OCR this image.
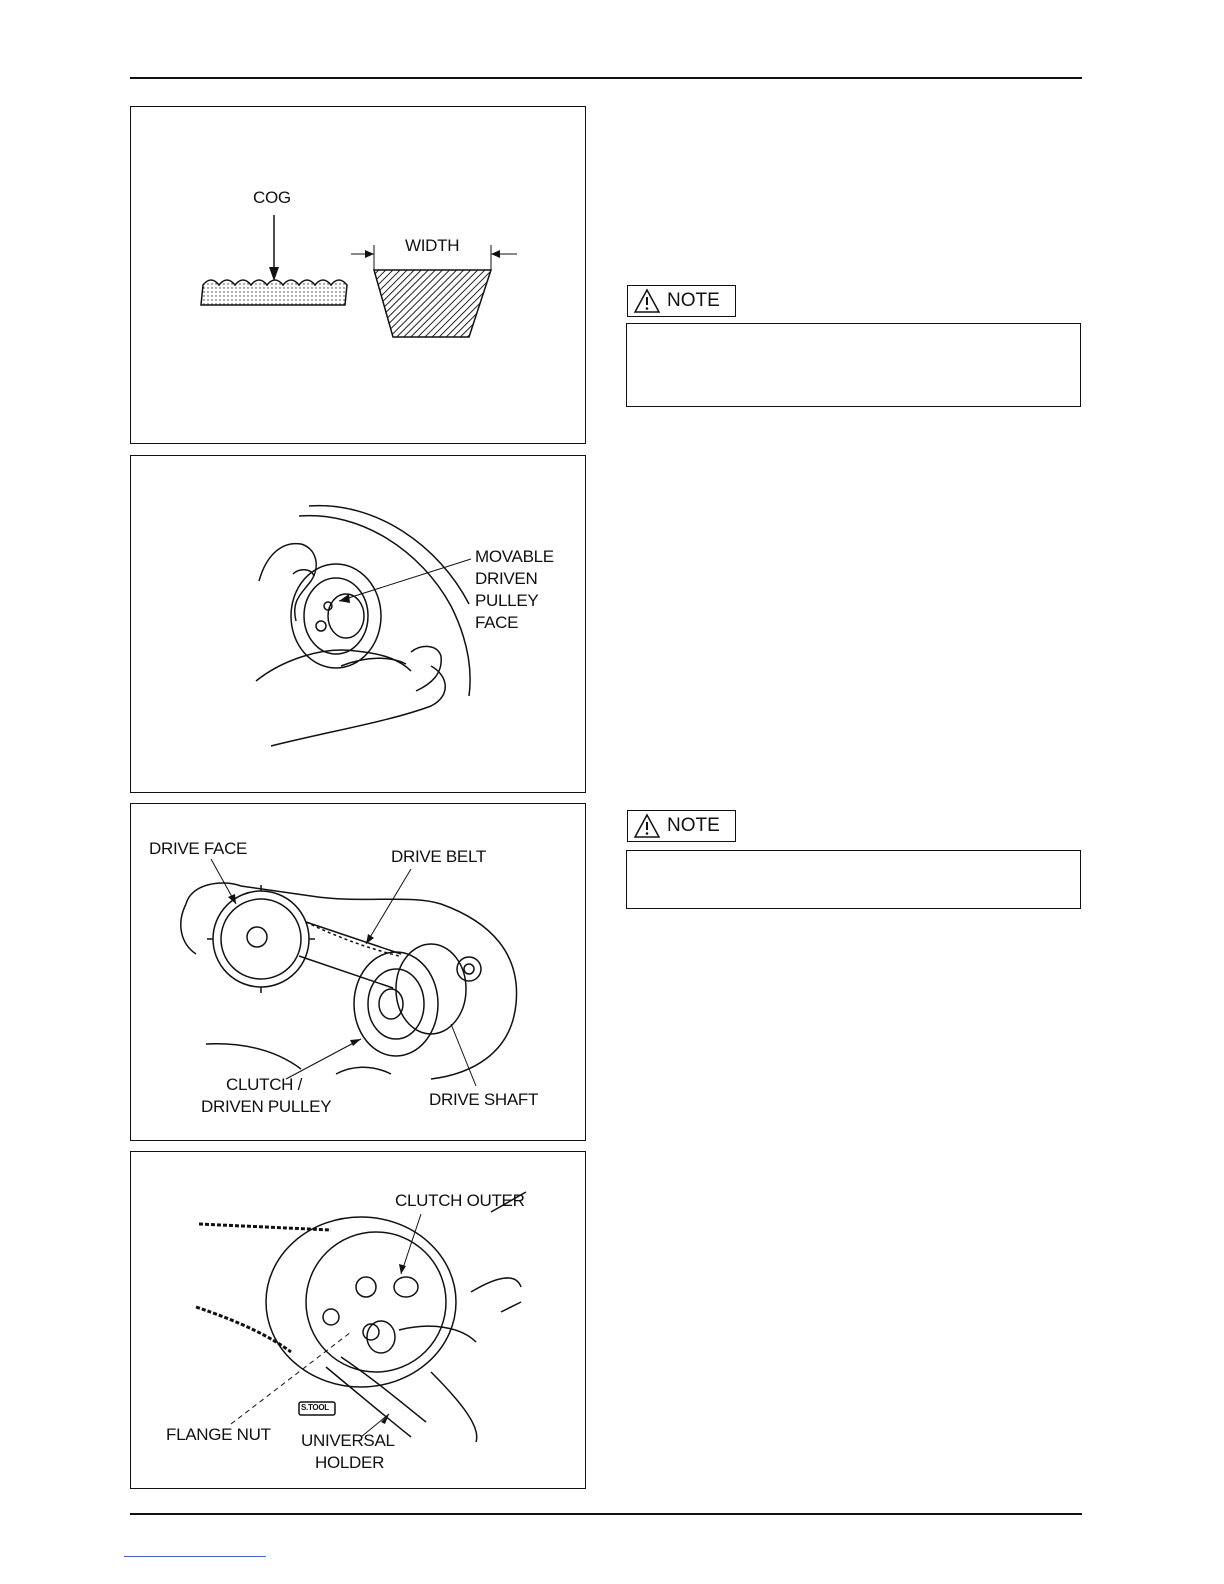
COG
WIDTH
NOTE
MOVABLE
DRIVEN
PULLEY
FACE
DRIVE FACE	DRIVE BELT
CLUTCH /
DRIVEN PULLEY	DRIVE SHAFT
NOTE
S.TOOL
CLUTCH OUTER
FLANGE NUT UNIVERSAL
HOLDER
